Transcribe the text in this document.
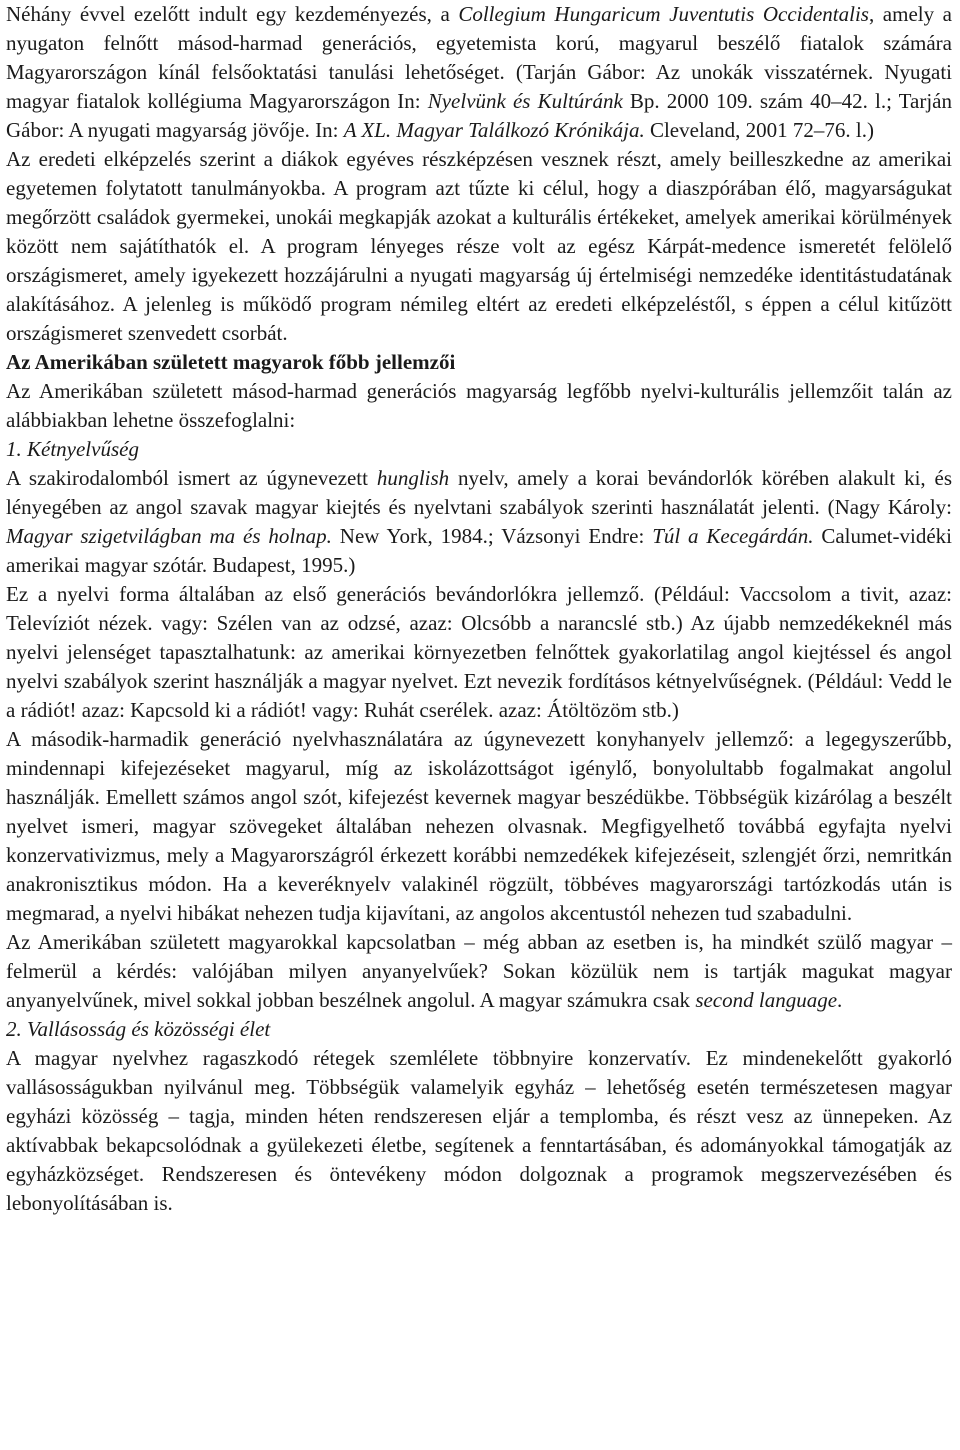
Néhány évvel ezelőtt indult egy kezdeményezés, a Collegium Hungaricum Juventutis Occidentalis, amely a nyugaton felnőtt másod-harmad generációs, egyetemista korú, magyarul beszélő fiatalok számára Magyarországon kínál felsőoktatási tanulási lehetőséget. (Tarján Gábor: Az unokák visszatérnek. Nyugati magyar fiatalok kollégiuma Magyarországon In: Nyelvünk és Kultúránk Bp. 2000 109. szám 40–42. l.; Tarján Gábor: A nyugati magyarság jövője. In: A XL. Magyar Találkozó Krónikája. Cleveland, 2001 72–76. l.)

Az eredeti elképzelés szerint a diákok egyéves részképzésen vesznek részt, amely beilleszkedne az amerikai egyetemen folytatott tanulmányokba. A program azt tűzte ki célul, hogy a diaszpórában élő, magyarságukat megőrzött családok gyermekei, unokái megkapják azokat a kulturális értékeket, amelyek amerikai körülmények között nem sajátíthatók el. A program lényeges része volt az egész Kárpát-medence ismeretét felölelő országismeret, amely igyekezett hozzájárulni a nyugati magyarság új értelmiségi nemzedéke identitástudatának alakításához. A jelenleg is működő program némileg eltért az eredeti elképzeléstől, s éppen a célul kitűzött országismeret szenvedett csorbát.

Az Amerikában született magyarok főbb jellemzői

Az Amerikában született másod-harmad generációs magyarság legfőbb nyelvi-kulturális jellemzőit talán az alábbiakban lehetne összefoglalni:

1. Kétnyelvűség

A szakirodalomból ismert az úgynevezett hunglish nyelv, amely a korai bevándorlók körében alakult ki, és lényegében az angol szavak magyar kiejtés és nyelvtani szabályok szerinti használatát jelenti. (Nagy Károly: Magyar szigetvilágban ma és holnap. New York, 1984.; Vázsonyi Endre: Túl a Kecegárdán. Calumet-vidéki amerikai magyar szótár. Budapest, 1995.)

Ez a nyelvi forma általában az első generációs bevándorlókra jellemző. (Például: Vaccsolom a tivit, azaz: Televíziót nézek. vagy: Szélen van az odzsé, azaz: Olcsóbb a narancslé stb.) Az újabb nemzedékeknél más nyelvi jelenséget tapasztalhatunk: az amerikai környezetben felnőttek gyakorlatilag angol kiejtéssel és angol nyelvi szabályok szerint használják a magyar nyelvet. Ezt nevezik fordításos kétnyelvűségnek. (Például: Vedd le a rádiót! azaz: Kapcsold ki a rádiót! vagy: Ruhát cserélek. azaz: Átöltözöm stb.)

A második-harmadik generáció nyelvhasználatára az úgynevezett konyhanyelv jellemző: a legegyszerűbb, mindennapi kifejezéseket magyarul, míg az iskolázottságot igénylő, bonyolultabb fogalmakat angolul használják. Emellett számos angol szót, kifejezést kevernek magyar beszédükbe. Többségük kizárólag a beszélt nyelvet ismeri, magyar szövegeket általában nehezen olvasnak. Megfigyelhető továbbá egyfajta nyelvi konzervativizmus, mely a Magyarországról érkezett korábbi nemzedékek kifejezéseit, szlengjét őrzi, nemritkán anakronisztikus módon. Ha a keveréknyelv valakinél rögzült, többéves magyarországi tartózkodás után is megmarad, a nyelvi hibákat nehezen tudja kijavítani, az angolos akcentustól nehezen tud szabadulni.

Az Amerikában született magyarokkal kapcsolatban – még abban az esetben is, ha mindkét szülő magyar – felmerül a kérdés: valójában milyen anyanyelvűek? Sokan közülük nem is tartják magukat magyar anyanyelvűnek, mivel sokkal jobban beszélnek angolul. A magyar számukra csak second language.

2. Vallásosság és közösségi élet

A magyar nyelvhez ragaszkodó rétegek szemlélete többnyire konzervatív. Ez mindenekelőtt gyakorló vallásosságukban nyilvánul meg. Többségük valamelyik egyház – lehetőség esetén természetesen magyar egyházi közösség – tagja, minden héten rendszeresen eljár a templomba, és részt vesz az ünnepeken. Az aktívabbak bekapcsolódnak a gyülekezeti életbe, segítenek a fenntartásában, és adományokkal támogatják az egyházközséget. Rendszeresen és öntevékeny módon dolgoznak a programok megszervezésében és lebonyolításában is.
